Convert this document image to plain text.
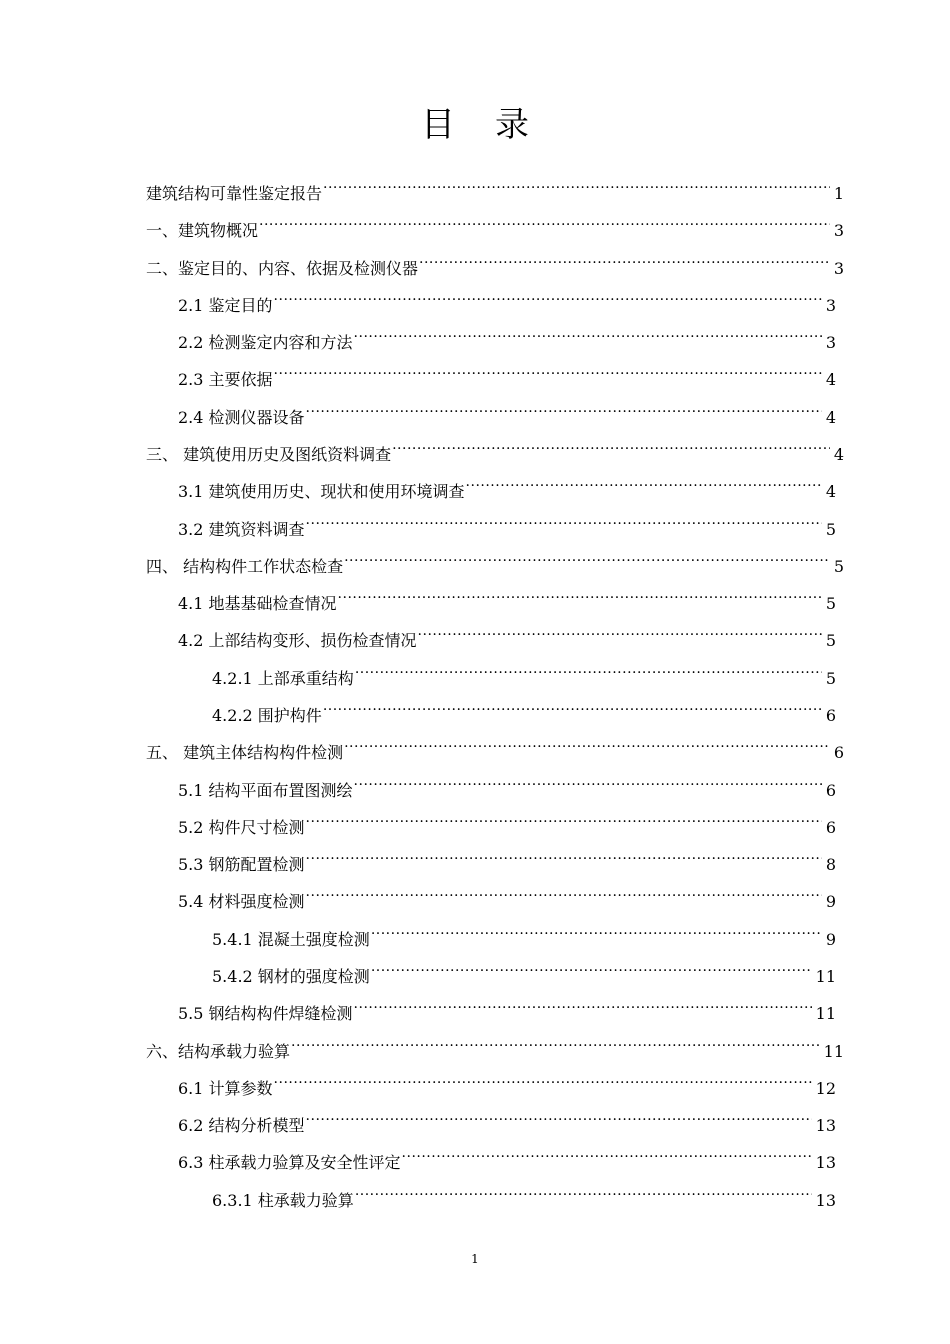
目 录
建筑结构可靠性鉴定报告 .....	1
一、建筑物概况 .....	3
二、鉴定目的、内容、依据及检测仪器 .....	3
2.1 鉴定目的 .....	3
2.2 检测鉴定内容和方法 .....	3
2.3 主要依据 .....	4
2.4 检测仪器设备 .....	4
三、 建筑使用历史及图纸资料调查 .....	4
3.1 建筑使用历史、现状和使用环境调查 .....	4
3.2 建筑资料调查 .....	5
四、 结构构件工作状态检查 .....	5
4.1 地基基础检查情况 .....	5
4.2 上部结构变形、损伤检查情况 .....	5
4.2.1 上部承重结构 .....	5
4.2.2 围护构件 .....	6
五、 建筑主体结构构件检测 .....	6
5.1 结构平面布置图测绘 .....	6
5.2 构件尺寸检测 .....	6
5.3 钢筋配置检测 .....	8
5.4 材料强度检测 .....	9
5.4.1 混凝土强度检测 .....	9
5.4.2 钢材的强度检测 .....	11
5.5 钢结构构件焊缝检测 .....	11
六、结构承载力验算 .....	11
6.1 计算参数 .....	12
6.2 结构分析模型 .....	13
6.3 柱承载力验算及安全性评定 .....	13
6.3.1 柱承载力验算 .....	13
1
